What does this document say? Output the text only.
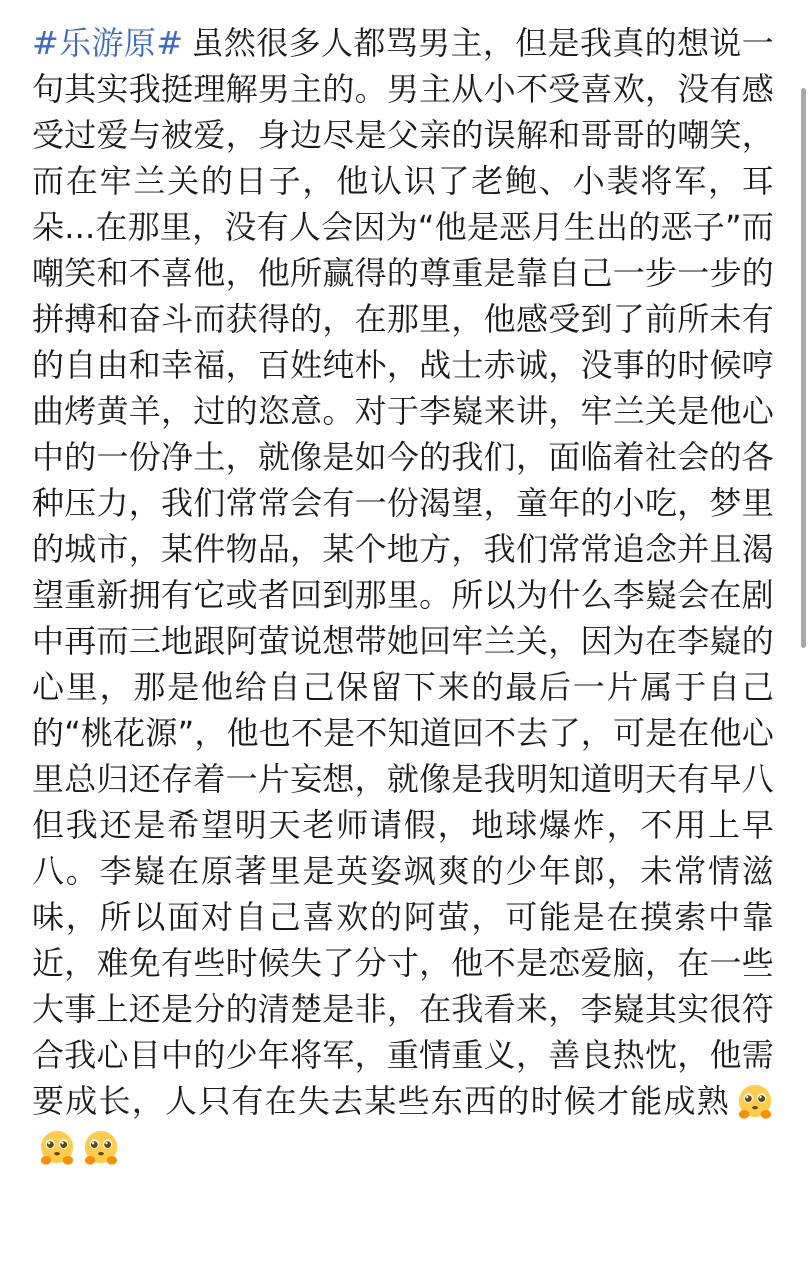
#乐游原# 虽然很多人都骂男主，但是我真的想说一句其实我挺理解男主的。男主从小不受喜欢，没有感受过爱与被爱，身边尽是父亲的误解和哥哥的嘲笑，而在牢兰关的日子，他认识了老鲍、小裴将军，耳朵...在那里，没有人会因为“他是恶月生出的恶子”而嘲笑和不喜他，他所赢得的尊重是靠自己一步一步的拼搏和奋斗而获得的，在那里，他感受到了前所未有的自由和幸福，百姓纯朴，战士赤诚，没事的时候哼曲烤黄羊，过的恣意。对于李嶷来讲，牢兰关是他心中的一份净土，就像是如今的我们，面临着社会的各种压力，我们常常会有一份渴望，童年的小吃，梦里的城市，某件物品，某个地方，我们常常追念并且渴望重新拥有它或者回到那里。所以为什么李嶷会在剧中再而三地跟阿萤说想带她回牢兰关，因为在李嶷的心里，那是他给自己保留下来的最后一片属于自己的“桃花源”，他也不是不知道回不去了，可是在他心里总归还存着一片妄想，就像是我明知道明天有早八但我还是希望明天老师请假，地球爆炸，不用上早八。李嶷在原著里是英姿飒爽的少年郎，未常情滋味，所以面对自己喜欢的阿萤，可能是在摸索中靠近，难免有些时候失了分寸，他不是恋爱脑，在一些大事上还是分的清楚是非，在我看来，李嶷其实很符合我心目中的少年将军，重情重义，善良热忱，他需要成长，人只有在失去某些东西的时候才能成熟
